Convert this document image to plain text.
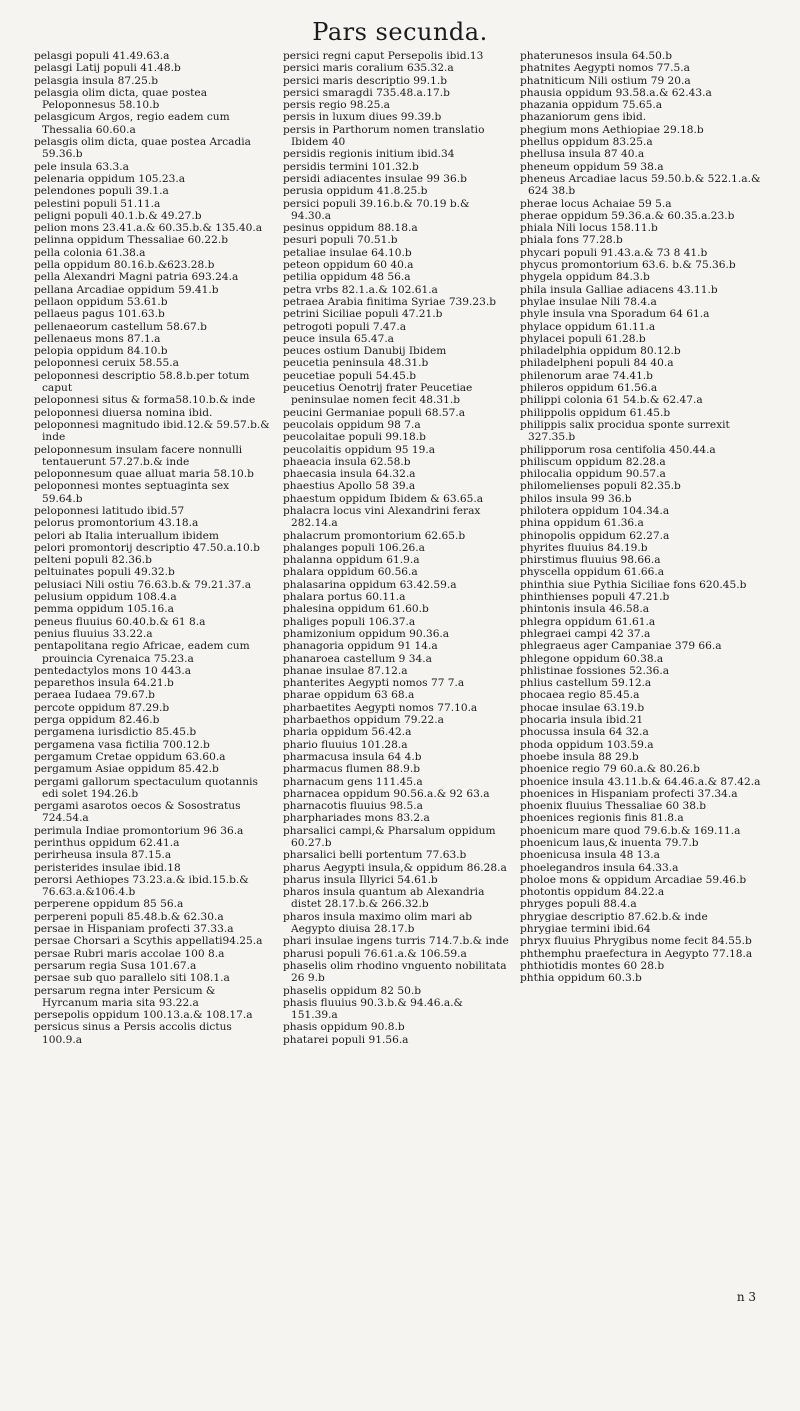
Pars secunda.

pelasgi populi 41.49.63.a

pelasgi Latij populi 41.48.b

pelasgia insula 87.25.b

pelasgia olim dicta, quae postea Peloponnesus 58.10.b

pelasgicum Argos, regio eadem cum Thessalia 60.60.a

pelasgis olim dicta, quae postea Arcadia 59.36.b

pele insula 63.3.a

pelenaria oppidum 105.23.a

pelendones populi 39.1.a

pelestini populi 51.11.a

peligni populi 40.1.b.& 49.27.b

pelion mons 23.41.a.& 60.35.b.& 135.40.a

pelinna oppidum Thessaliae 60.22.b

pella colonia 61.38.a

pella oppidum 80.16.b.&623.28.b

pella Alexandri Magni patria 693.24.a

pellana Arcadiae oppidum 59.41.b

pellaon oppidum 53.61.b

pellaeus pagus 101.63.b

pellenaeorum castellum 58.67.b

pellenaeus mons 87.1.a

pelopia oppidum 84.10.b

peloponnesi ceruix 58.55.a

peloponnesi descriptio 58.8.b.per totum caput

peloponnesi situs & forma58.10.b.& inde

peloponnesi diuersa nomina ibid.

peloponnesi magnitudo ibid.12.& 59.57.b.& inde

peloponnesum insulam facere nonnulli tentauerunt 57.27.b.& inde

peloponnesum quae alluat maria 58.10.b

peloponnesi montes septuaginta sex 59.64.b

peloponnesi latitudo ibid.57

pelorus promontorium 43.18.a

pelori ab Italia interuallum ibidem

pelori promontorij descriptio 47.50.a.10.b

pelteni populi 82.36.b

peltuinates populi 49.32.b

pelusiaci Nili ostiu 76.63.b.& 79.21.37.a

pelusium oppidum 108.4.a

pemma oppidum 105.16.a

peneus fluuius 60.40.b.& 61 8.a

penius fluuius 33.22.a

pentapolitana regio Africae, eadem cum prouincia Cyrenaica 75.23.a

pentedactylos mons 10 443.a

peparethos insula 64.21.b

peraea Iudaea 79.67.b

percote oppidum 87.29.b

perga oppidum 82.46.b

pergamena iurisdictio 85.45.b

pergamena vasa fictilia 700.12.b

pergamum Cretae oppidum 63.60.a

pergamum Asiae oppidum 85.42.b

pergami gallorum spectaculum quotannis edi solet 194.26.b

pergami asarotos oecos & Sosostratus 724.54.a

perimula Indiae promontorium 96 36.a

perinthus oppidum 62.41.a

perirheusa insula 87.15.a

peristerides insulae ibid.18

perorsi Aethiopes 73.23.a.& ibid.15.b.& 76.63.a.&106.4.b

perperene oppidum 85 56.a

perpereni populi 85.48.b.& 62.30.a

persae in Hispaniam profecti 37.33.a

persae Chorsari a Scythis appellati94.25.a

persae Rubri maris accolae 100 8.a

persarum regia Susa 101.67.a

persae sub quo parallelo siti 108.1.a

persarum regna inter Persicum & Hyrcanum maria sita 93.22.a

persepolis oppidum 100.13.a.& 108.17.a

persicus sinus a Persis accolis dictus 100.9.a

persici regni caput Persepolis ibid.13

persici maris coralium 635.32.a

persici maris descriptio 99.1.b

persici smaragdi 735.48.a.17.b

persis regio 98.25.a

persis in luxum diues 99.39.b

persis in Parthorum nomen translatio Ibidem 40

persidis regionis initium ibid.34

persidis termini 101.32.b

persidi adiacentes insulae 99 36.b

perusia oppidum 41.8.25.b

persici populi 39.16.b.& 70.19 b.& 94.30.a

pesinus oppidum 88.18.a

pesuri populi 70.51.b

petaliae insulae 64.10.b

peteon oppidum 60 40.a

petilia oppidum 48 56.a

petra vrbs 82.1.a.& 102.61.a

petraea Arabia finitima Syriae 739.23.b

petrini Siciliae populi 47.21.b

petrogoti populi 7.47.a

peuce insula 65.47.a

peuces ostium Danubij Ibidem

peucetia peninsula 48.31.b

peucetiae populi 54.45.b

peucetius Oenotrij frater Peucetiae peninsulae nomen fecit 48.31.b

peucini Germaniae populi 68.57.a

peucolais oppidum 98 7.a

peucolaitae populi 99.18.b

peucolaitis oppidum 95 19.a

phaeacia insula 62.58.b

phaecasia insula 64.32.a

phaestius Apollo 58 39.a

phaestum oppidum Ibidem & 63.65.a

phalacra locus vini Alexandrini ferax 282.14.a

phalacrum promontorium 62.65.b

phalanges populi 106.26.a

phalanna oppidum 61.9.a

phalara oppidum 60.56.a

phalasarina oppidum 63.42.59.a

phalara portus 60.11.a

phalesina oppidum 61.60.b

phaliges populi 106.37.a

phamizonium oppidum 90.36.a

phanagoria oppidum 91 14.a

phanaroea castellum 9 34.a

phanae insulae 87.12.a

phanterites Aegypti nomos 77 7.a

pharae oppidum 63 68.a

pharbaetites Aegypti nomos 77.10.a

pharbaethos oppidum 79.22.a

pharia oppidum 56.42.a

phario fluuius 101.28.a

pharmacusa insula 64 4.b

pharmacus flumen 88.9.b

pharnacum gens 111.45.a

pharnacea oppidum 90.56.a.& 92 63.a

pharnacotis fluuius 98.5.a

pharphariades mons 83.2.a

pharsalici campi,& Pharsalum oppidum 60.27.b

pharsalici belli portentum 77.63.b

pharus Aegypti insula,& oppidum 86.28.a

pharus insula Illyrici 54.61.b

pharos insula quantum ab Alexandria distet 28.17.b.& 266.32.b

pharos insula maximo olim mari ab Aegypto diuisa 28.17.b

phari insulae ingens turris 714.7.b.& inde

pharusi populi 76.61.a.& 106.59.a

phaselis olim rhodino vnguento nobilitata 26 9.b

phaselis oppidum 82 50.b

phasis fluuius 90.3.b.& 94.46.a.& 151.39.a

phasis oppidum 90.8.b

phatarei populi 91.56.a

phaterunesos insula 64.50.b

phatnites Aegypti nomos 77.5.a

phatniticum Nili ostium 79 20.a

phausia oppidum 93.58.a.& 62.43.a

phazania oppidum 75.65.a

phazaniorum gens ibid.

phegium mons Aethiopiae 29.18.b

phellus oppidum 83.25.a

phellusa insula 87 40.a

pheneum oppidum 59 38.a

pheneus Arcadiae lacus 59.50.b.& 522.1.a.& 624 38.b

pherae locus Achaiae 59 5.a

pherae oppidum 59.36.a.& 60.35.a.23.b

phiala Nili locus 158.11.b

phiala fons 77.28.b

phycari populi 91.43.a.& 73 8 41.b

phycus promontorium 63.6. b.& 75.36.b

phygela oppidum 84.3.b

phila insula Galliae adiacens 43.11.b

phylae insulae Nili 78.4.a

phyle insula vna Sporadum 64 61.a

phylace oppidum 61.11.a

phylacei populi 61.28.b

philadelphia oppidum 80.12.b

philadelpheni populi 84 40.a

philenorum arae 74.41.b

phileros oppidum 61.56.a

philippi colonia 61 54.b.& 62.47.a

philippolis oppidum 61.45.b

philippis salix procidua sponte surrexit 327.35.b

philipporum rosa centifolia 450.44.a

philiscum oppidum 82.28.a

philocalia oppidum 90.57.a

philomelienses populi 82.35.b

philos insula 99 36.b

philotera oppidum 104.34.a

phina oppidum 61.36.a

phinopolis oppidum 62.27.a

phyrites fluuius 84.19.b

phirstimus fluuius 98.66.a

physcella oppidum 61.66.a

phinthia siue Pythia Siciliae fons 620.45.b

phinthienses populi 47.21.b

phintonis insula 46.58.a

phlegra oppidum 61.61.a

phlegraei campi 42 37.a

phlegraeus ager Campaniae 379 66.a

phlegone oppidum 60.38.a

phlistinae fossiones 52.36.a

phlius castellum 59.12.a

phocaea regio 85.45.a

phocae insulae 63.19.b

phocaria insula ibid.21

phocussa insula 64 32.a

phoda oppidum 103.59.a

phoebe insula 88 29.b

phoenice regio 79 60.a.& 80.26.b

phoenice insula 43.11.b.& 64.46.a.& 87.42.a

phoenices in Hispaniam profecti 37.34.a

phoenix fluuius Thessaliae 60 38.b

phoenices regionis finis 81.8.a

phoenicum mare quod 79.6.b.& 169.11.a

phoenicum laus,& inuenta 79.7.b

phoenicusa insula 48 13.a

phoelegandros insula 64.33.a

pholoe mons & oppidum Arcadiae 59.46.b

photontis oppidum 84.22.a

phryges populi 88.4.a

phrygiae descriptio 87.62.b.& inde

phrygiae termini ibid.64

phryx fluuius Phrygibus nome fecit 84.55.b

phthemphu praefectura in Aegypto 77.18.a

phthiotidis montes 60 28.b

phthia oppidum 60.3.b

n 3
